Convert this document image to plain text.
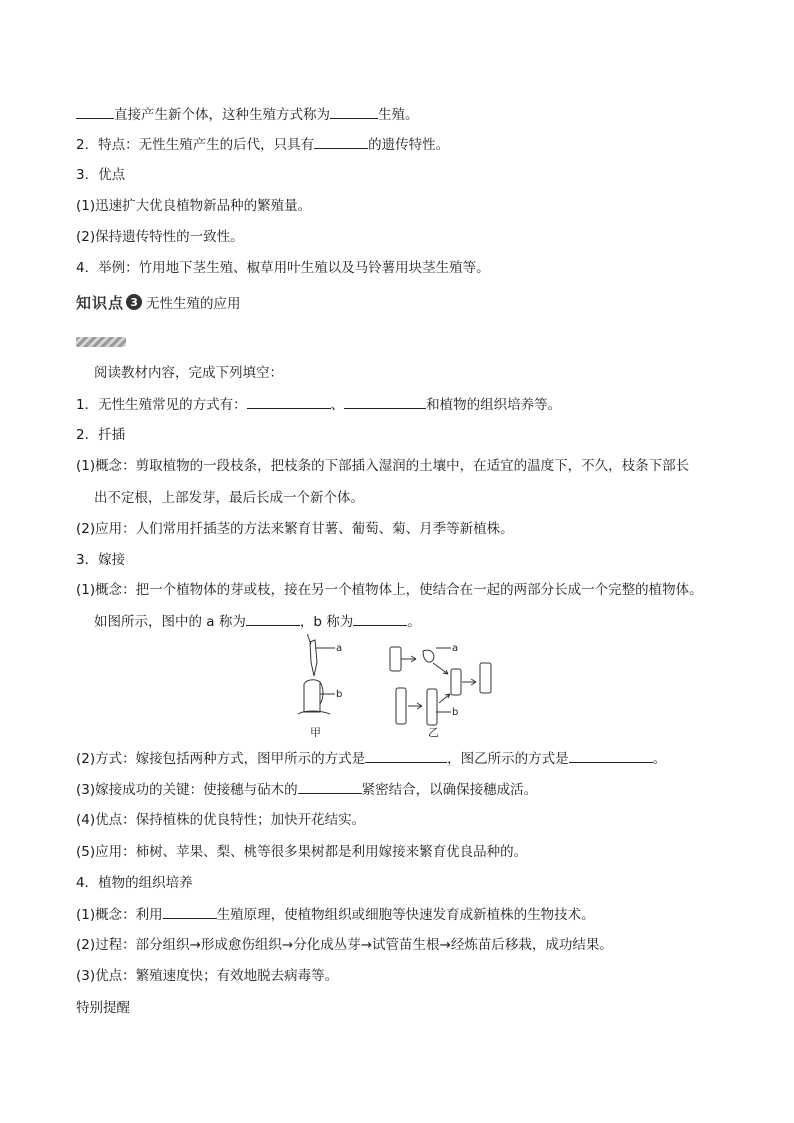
直接产生新个体，这种生殖方式称为	生殖。
2．特点：无性生殖产生的后代，只具有	的遗传特性。
3．优点
(1)迅速扩大优良植物新品种的繁殖量。
(2)保持遗传特性的一致性。
4．举例：竹用地下茎生殖、椒草用叶生殖以及马铃薯用块茎生殖等。
知识点 3 无性生殖的应用
阅读教材内容，完成下列填空：
1．无性生殖常见的方式有：	、	和植物的组织培养等。
2．扦插
(1)概念：剪取植物的一段枝条，把枝条的下部插入湿润的土壤中，在适宜的温度下，不久，枝条下部长
出不定根，上部发芽，最后长成一个新个体。
(2)应用：人们常用扦插茎的方法来繁育甘薯、葡萄、菊、月季等新植株。
3．嫁接
(1)概念：把一个植物体的芽或枝，接在另一个植物体上，使结合在一起的两部分长成一个完整的植物体。
如图所示，图中的 a 称为	，b 称为	。
a
b
a
b
甲	乙
(2)方式：嫁接包括两种方式，图甲所示的方式是	，图乙所示的方式是	。
(3)嫁接成功的关键：使接穗与砧木的	紧密结合，以确保接穗成活。
(4)优点：保持植株的优良特性；加快开花结实。
(5)应用：柿树、苹果、梨、桃等很多果树都是利用嫁接来繁育优良品种的。
4．植物的组织培养
(1)概念：利用	生殖原理，使植物组织或细胞等快速发育成新植株的生物技术。
(2)过程：部分组织→形成愈伤组织→分化成丛芽→试管苗生根→经炼苗后移栽，成功结果。
(3)优点：繁殖速度快；有效地脱去病毒等。
特别提醒
